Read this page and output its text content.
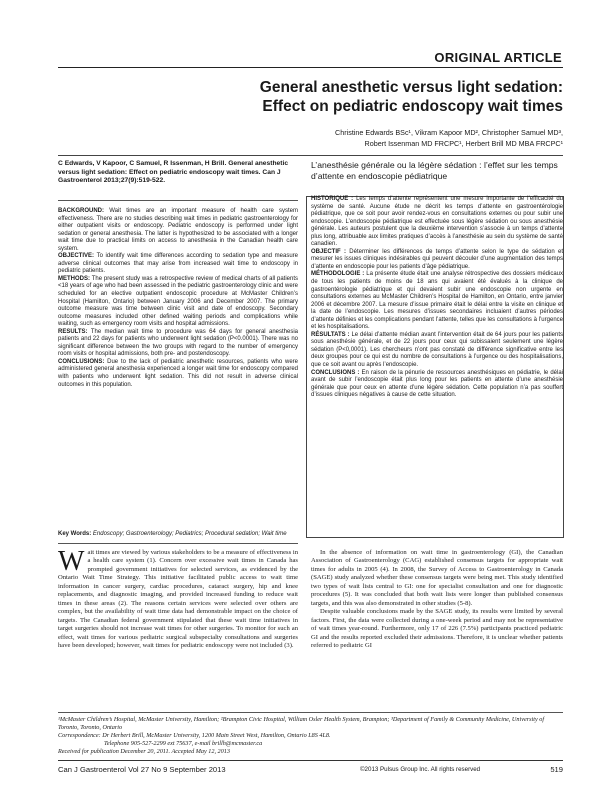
ORIGINAL ARTICLE
General anesthetic versus light sedation:
Effect on pediatric endoscopy wait times
Christine Edwards BSc¹, Vikram Kapoor MD², Christopher Samuel MD³,
Robert Issenman MD FRCPC¹, Herbert Brill MD MBA FRCPC¹
C Edwards, V Kapoor, C Samuel, R Issenman, H Brill. General anesthetic versus light sedation: Effect on pediatric endoscopy wait times. Can J Gastroenterol 2013;27(9):519-522.
L’anesthésie générale ou la légère sédation : l’effet sur les temps d’attente en endoscopie pédiatrique

BACKGROUND: Wait times are an important measure of health care system effectiveness. There are no studies describing wait times in pediatric gastroenterology for either outpatient visits or endoscopy. Pediatric endoscopy is performed under light sedation or general anesthesia. The latter is hypothesized to be associated with a longer wait time due to practical limits on access to anesthesia in the Canadian health care system.

OBJECTIVE: To identify wait time differences according to sedation type and measure adverse clinical outcomes that may arise from increased wait time to endoscopy in pediatric patients.

METHODS: The present study was a retrospective review of medical charts of all patients <18 years of age who had been assessed in the pediatric gastroenterology clinic and were scheduled for an elective outpatient endoscopic procedure at McMaster Children’s Hospital (Hamilton, Ontario) between January 2006 and December 2007. The primary outcome measure was time between clinic visit and date of endoscopy. Secondary outcome measures included other defined waiting periods and complications while waiting, such as emergency room visits and hospital admissions.

RESULTS: The median wait time to procedure was 64 days for general anesthesia patients and 22 days for patients who underwent light sedation (P<0.0001). There was no significant difference between the two groups with regard to the number of emergency room visits or hospital admissions, both pre- and postendoscopy.

CONCLUSIONS: Due to the lack of pediatric anesthetic resources, patients who were administered general anesthesia experienced a longer wait time for endoscopy compared with patients who underwent light sedation. This did not result in adverse clinical outcomes in this population.

Key Words: Endoscopy; Gastroenterology; Pediatrics; Procedural sedation; Wait time

HISTORIQUE : Les temps d’attente représentent une mesure importante de l’efficacité du système de santé. Aucune étude ne décrit les temps d’attente en gastroentérologie pédiatrique, que ce soit pour avoir rendez-vous en consultations externes ou pour subir une endoscopie. L’endoscopie pédiatrique est effectuée sous légère sédation ou sous anesthésie générale. Les auteurs postulent que la deuxième intervention s’associe à un temps d’attente plus long, attribuable aux limites pratiques d’accès à l’anesthésie au sein du système de santé canadien.

OBJECTIF : Déterminer les différences de temps d’attente selon le type de sédation et mesurer les issues cliniques indésirables qui peuvent découler d’une augmentation des temps d’attente en endoscopie pour les patients d’âge pédiatrique.

MÉTHODOLOGIE : La présente étude était une analyse rétrospective des dossiers médicaux de tous les patients de moins de 18 ans qui avaient été évalués à la clinique de gastroentérologie pédiatrique et qui devaient subir une endoscopie non urgente en consultations externes au McMaster Children’s Hospital de Hamilton, en Ontario, entre janvier 2006 et décembre 2007. La mesure d’issue primaire était le délai entre la visite en clinique et la date de l’endoscopie. Les mesures d’issues secondaires incluaient d’autres périodes d’attente définies et les complications pendant l’attente, telles que les consultations à l’urgence et les hospitalisations.

RÉSULTATS : Le délai d’attente médian avant l’intervention était de 64 jours pour les patients sous anesthésie générale, et de 22 jours pour ceux qui subissaient seulement une légère sédation (P<0,0001). Les chercheurs n’ont pas constaté de différence significative entre les deux groupes pour ce qui est du nombre de consultations à l’urgence ou des hospitalisations, que ce soit avant ou après l’endoscopie.

CONCLUSIONS : En raison de la pénurie de ressources anesthésiques en pédiatrie, le délai avant de subir l’endoscopie était plus long pour les patients en attente d’une anesthésie générale que pour ceux en attente d’une légère sédation. Cette population n’a pas souffert d’issues cliniques négatives à cause de cette situation.

Wait times are viewed by various stakeholders to be a measure of effectiveness in a health care system (1). Concern over excessive wait times in Canada has prompted government initiatives for selected services, as evidenced by the Ontario Wait Time Strategy. This initiative facilitated public access to wait time information in cancer surgery, cardiac procedures, cataract surgery, hip and knee replacements, and diagnostic imaging, and provided increased funding to reduce wait times in these areas (2). The reasons certain services were selected over others are complex, but the availability of wait time data had demonstrable impact on the choice of targets. The Canadian federal government stipulated that these wait time initiatives in target surgeries should not increase wait times for other surgeries. To monitor for such an effect, wait times for various pediatric surgical subspecialty consultations and surgeries have been developed; however, wait times for pediatric endoscopy were not included (3).

In the absence of information on wait time in gastroenterology (GI), the Canadian Association of Gastroenterology (CAG) established consensus targets for appropriate wait times for adults in 2005 (4). In 2008, the Survey of Access to Gastroenterology in Canada (SAGE) study analyzed whether these consensus targets were being met. This study identified two types of wait lists central to GI: one for specialist consultation and one for diagnostic procedures (5). It was concluded that both wait lists were longer than published consensus targets, and this was also demonstrated in other studies (5-8).

Despite valuable conclusions made by the SAGE study, its results were limited by several factors. First, the data were collected during a one-week period and may not be representative of wait times year-round. Furthermore, only 17 of 226 (7.5%) participants practiced pediatric GI and the results reported excluded their admissions. Therefore, it is unclear whether patients referred to pediatric GI

¹McMaster Children’s Hospital, McMaster University, Hamilton; ²Brampton Civic Hospital, William Osler Health System, Brampton; ³Department of Family & Community Medicine, University of Toronto, Toronto, Ontario

Correspondence: Dr Herbert Brill, McMaster University, 1200 Main Street West, Hamilton, Ontario L8S 4L8.

Telephone 905-527-2299 ext 75637, e-mail brillh@mcmaster.ca

Received for publication December 20, 2011. Accepted May 12, 2013

Can J Gastroenterol Vol 27 No 9 September 2013	©2013 Pulsus Group Inc. All rights reserved	519
